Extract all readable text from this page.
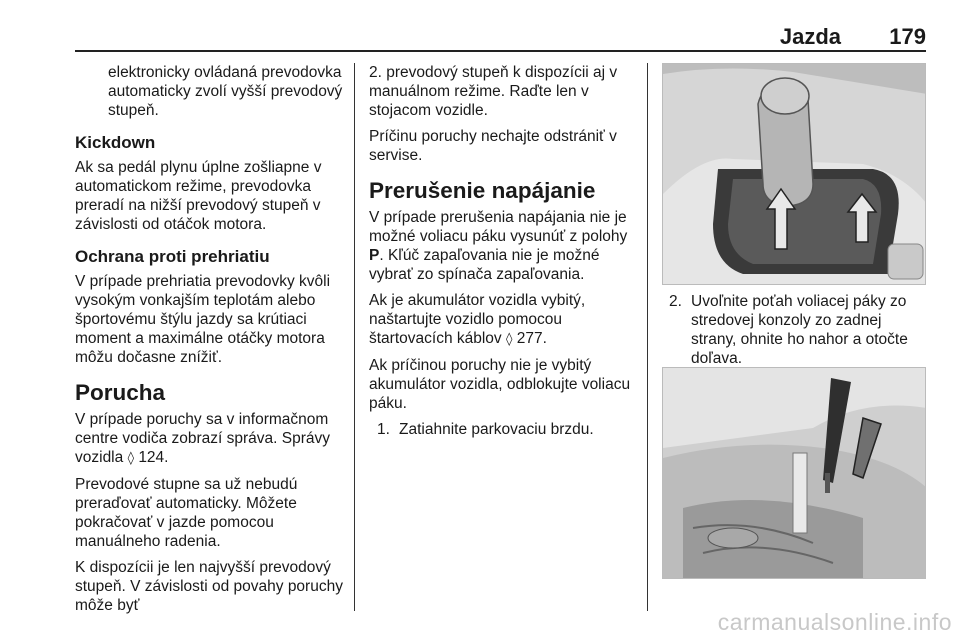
Jazda 179

elektronicky ovládaná prevodovka automaticky zvolí vyšší prevodový stupeň.

Kickdown

Ak sa pedál plynu úplne zošliapne v automatickom režime, prevodovka preradí na nižší prevodový stupeň v závislosti od otáčok motora.

Ochrana proti prehriatiu

V prípade prehriatia prevodovky kvôli vysokým vonkajším teplotám alebo športovému štýlu jazdy sa krútiaci moment a maximálne otáčky motora môžu dočasne znížiť.

Porucha

V prípade poruchy sa v informačnom centre vodiča zobrazí správa. Správy vozidla ◊ 124.

Prevodové stupne sa už nebudú preraďovať automaticky. Môžete pokračovať v jazde pomocou manuálneho radenia.

K dispozícii je len najvyšší prevodový stupeň. V závislosti od povahy poruchy môže byť

2. prevodový stupeň k dispozícii aj v manuálnom režime. Raďte len v stojacom vozidle.

Príčinu poruchy nechajte odstrániť v servise.

Prerušenie napájanie

V prípade prerušenia napájania nie je možné voliacu páku vysunúť z polohy P. Kľúč zapaľovania nie je možné vybrať zo spínača zapaľovania.

Ak je akumulátor vozidla vybitý, naštartujte vozidlo pomocou štartovacích káblov ◊ 277.

Ak príčinou poruchy nie je vybitý akumulátor vozidla, odblokujte voliacu páku.

1. Zatiahnite parkovaciu brzdu.
2. Uvoľnite poťah voliacej páky zo stredovej konzoly zo zadnej strany, ohnite ho nahor a otočte doľava.
carmanualsonline.info
